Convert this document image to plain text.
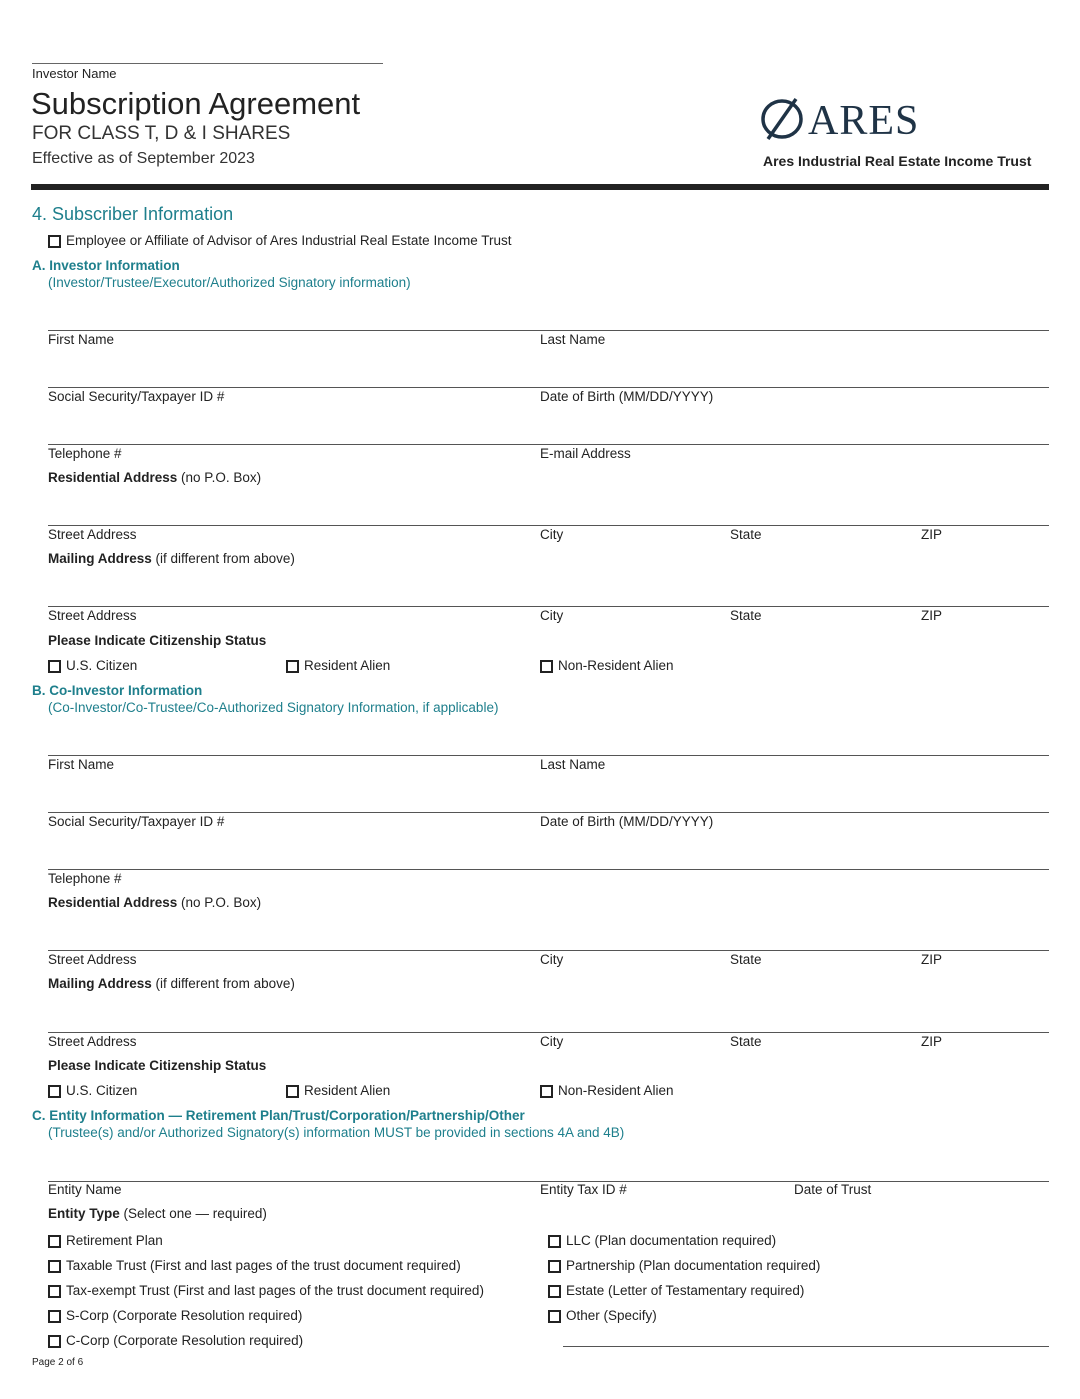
Investor Name
Subscription Agreement
FOR CLASS T, D & I SHARES
Effective as of September 2023
ARES
Ares Industrial Real Estate Income Trust
4. Subscriber Information
Employee or Affiliate of Advisor of Ares Industrial Real Estate Income Trust
A. Investor Information
(Investor/Trustee/Executor/Authorized Signatory information)
First Name	Last Name
Social Security/Taxpayer ID #	Date of Birth (MM/DD/YYYY)
Telephone #	E-mail Address
Residential Address (no P.O. Box)
Street Address	City	State	ZIP
Mailing Address (if different from above)
Street Address	City	State	ZIP
Please Indicate Citizenship Status
U.S. Citizen	Resident Alien	Non-Resident Alien
B. Co-Investor Information
(Co-Investor/Co-Trustee/Co-Authorized Signatory Information, if applicable)
First Name	Last Name
Social Security/Taxpayer ID #	Date of Birth (MM/DD/YYYY)
Telephone #
Residential Address (no P.O. Box)
Street Address	City	State	ZIP
Mailing Address (if different from above)
Street Address	City	State	ZIP
Please Indicate Citizenship Status
U.S. Citizen	Resident Alien	Non-Resident Alien
C. Entity Information — Retirement Plan/Trust/Corporation/Partnership/Other
(Trustee(s) and/or Authorized Signatory(s) information MUST be provided in sections 4A and 4B)
Entity Name	Entity Tax ID #	Date of Trust
Entity Type (Select one — required)
Retirement Plan
Taxable Trust (First and last pages of the trust document required)
Tax-exempt Trust (First and last pages of the trust document required)
S-Corp (Corporate Resolution required)
C-Corp (Corporate Resolution required)
LLC (Plan documentation required)
Partnership (Plan documentation required)
Estate (Letter of Testamentary required)
Other (Specify)
Page 2 of 6
